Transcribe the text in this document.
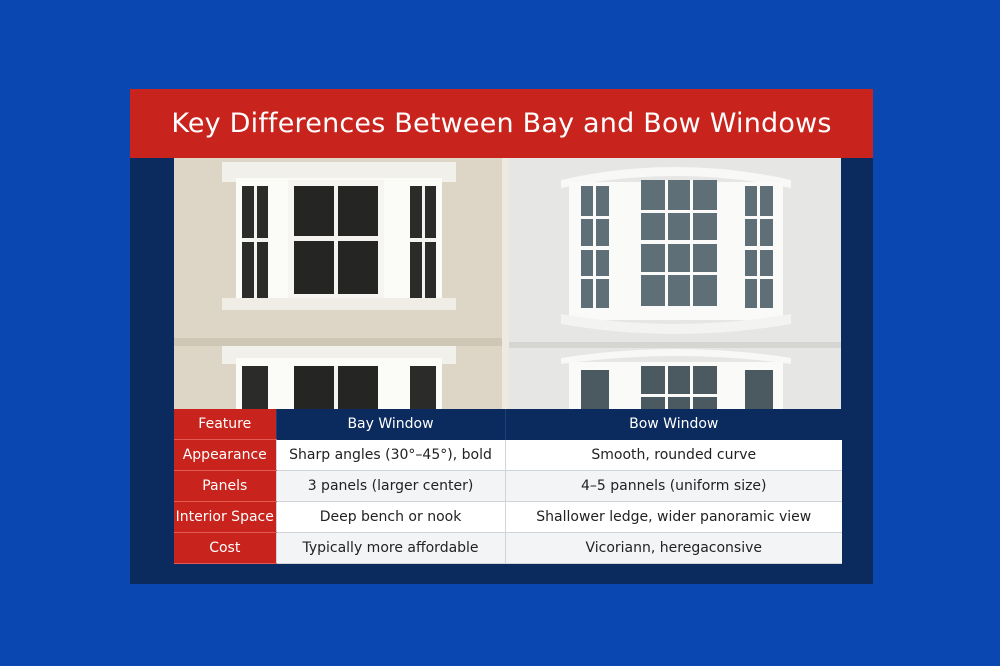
Key Differences Between Bay and Bow Windows
Feature	Bay Window	Bow Window
Appearance	Sharp angles (30°–45°), bold	Smooth, rounded curve
Panels	3 panels (larger center)	4–5 pannels (uniform size)
Interior Space	Deep bench or nook	Shallower ledge, wider panoramic view
Cost	Typically more affordable	Vicoriann, heregaconsive
